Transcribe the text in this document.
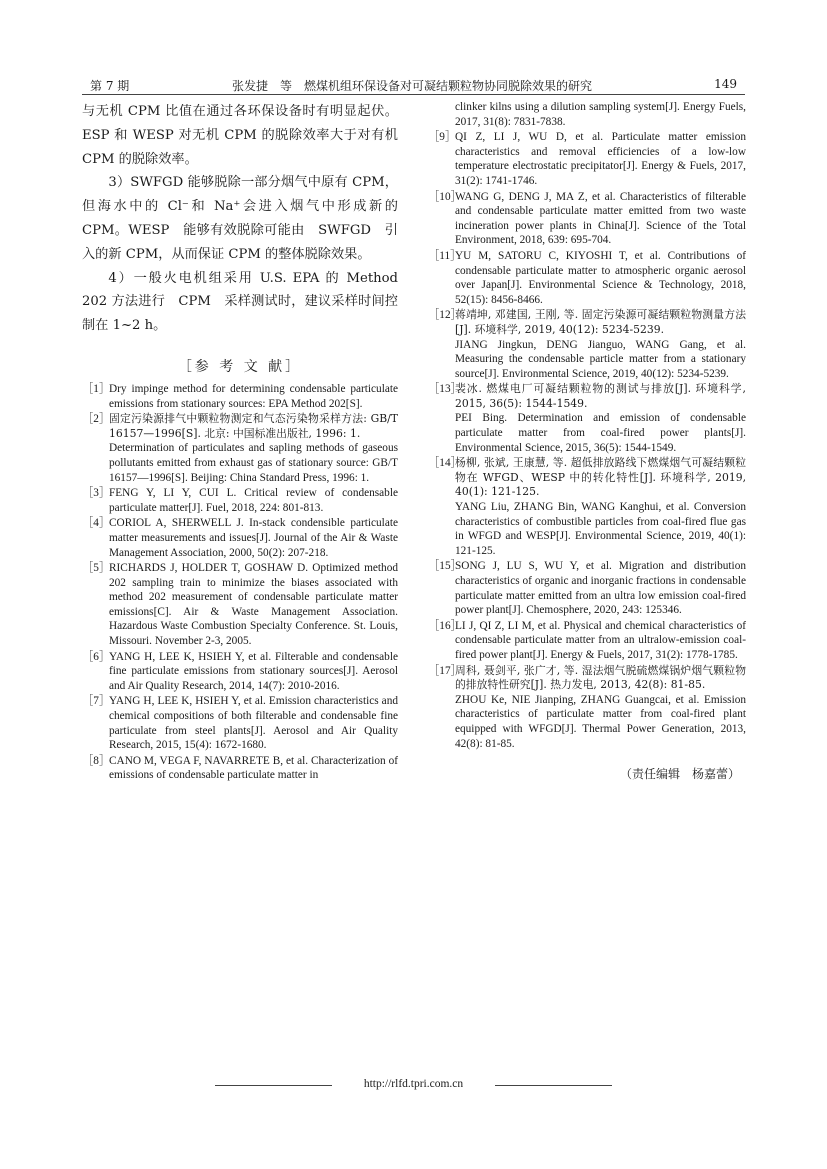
第 7 期	张发捷　等　燃煤机组环保设备对可凝结颗粒物协同脱除效果的研究	149

与无机 CPM 比值在通过各环保设备时有明显起伏。ESP 和 WESP 对无机 CPM 的脱除效率大于对有机 CPM 的脱除效率。

3）SWFGD 能够脱除一部分烟气中原有 CPM，但海水中的 Cl⁻和 Na⁺会进入烟气中形成新的 CPM。WESP　能够有效脱除可能由　SWFGD　引入的新 CPM，从而保证 CPM 的整体脱除效果。

4）一般火电机组采用 U.S. EPA 的 Method 202 方法进行　CPM　采样测试时，建议采样时间控制在 1~2 h。

［参 考 文 献］
［1］
Dry impinge method for determining condensable particulate emissions from stationary sources: EPA Method 202[S].
［2］
固定污染源排气中颗粒物测定和气态污染物采样方法: GB/T 16157—1996[S]. 北京: 中国标准出版社, 1996: 1.
Determination of particulates and sapling methods of gaseous pollutants emitted from exhaust gas of stationary source: GB/T 16157—1996[S]. Beijing: China Standard Press, 1996: 1.
［3］
FENG Y, LI Y, CUI L. Critical review of condensable particulate matter[J]. Fuel, 2018, 224: 801-813.
［4］
CORIOL A, SHERWELL J. In-stack condensible particulate matter measurements and issues[J]. Journal of the Air & Waste Management Association, 2000, 50(2): 207-218.
［5］
RICHARDS J, HOLDER T, GOSHAW D. Optimized method 202 sampling train to minimize the biases associated with method 202 measurement of condensable particulate matter emissions[C]. Air & Waste Management Association. Hazardous Waste Combustion Specialty Conference. St. Louis, Missouri. November 2-3, 2005.
［6］
YANG H, LEE K, HSIEH Y, et al. Filterable and condensable fine particulate emissions from stationary sources[J]. Aerosol and Air Quality Research, 2014, 14(7): 2010-2016.
［7］
YANG H, LEE K, HSIEH Y, et al. Emission characteristics and chemical compositions of both filterable and condensable fine particulate from steel plants[J]. Aerosol and Air Quality Research, 2015, 15(4): 1672-1680.
［8］
CANO M, VEGA F, NAVARRETE B, et al. Characterization of emissions of condensable particulate matter in
clinker kilns using a dilution sampling system[J]. Energy Fuels, 2017, 31(8): 7831-7838.
［9］
QI Z, LI J, WU D, et al. Particulate matter emission characteristics and removal efficiencies of a low-low temperature electrostatic precipitator[J]. Energy & Fuels, 2017, 31(2): 1741-1746.
［10］
WANG G, DENG J, MA Z, et al. Characteristics of filterable and condensable particulate matter emitted from two waste incineration power plants in China[J]. Science of the Total Environment, 2018, 639: 695-704.
［11］
YU M, SATORU C, KIYOSHI T, et al. Contributions of condensable particulate matter to atmospheric organic aerosol over Japan[J]. Environmental Science & Technology, 2018, 52(15): 8456-8466.
［12］
蒋靖坤, 邓建国, 王刚, 等. 固定污染源可凝结颗粒物测量方法[J]. 环境科学, 2019, 40(12): 5234-5239.
JIANG Jingkun, DENG Jianguo, WANG Gang, et al. Measuring the condensable particle matter from a stationary source[J]. Environmental Science, 2019, 40(12): 5234-5239.
［13］
裴冰. 燃煤电厂可凝结颗粒物的测试与排放[J]. 环境科学, 2015, 36(5): 1544-1549.
PEI Bing. Determination and emission of condensable particulate matter from coal-fired power plants[J]. Environmental Science, 2015, 36(5): 1544-1549.
［14］
杨柳, 张斌, 王康慧, 等. 超低排放路线下燃煤烟气可凝结颗粒物在 WFGD、WESP 中的转化特性[J]. 环境科学, 2019, 40(1): 121-125.
YANG Liu, ZHANG Bin, WANG Kanghui, et al. Conversion characteristics of combustible particles from coal-fired flue gas in WFGD and WESP[J]. Environmental Science, 2019, 40(1): 121-125.
［15］
SONG J, LU S, WU Y, et al. Migration and distribution characteristics of organic and inorganic fractions in condensable particulate matter emitted from an ultra low emission coal-fired power plant[J]. Chemosphere, 2020, 243: 125346.
［16］
LI J, QI Z, LI M, et al. Physical and chemical characteristics of condensable particulate matter from an ultralow-emission coal-fired power plant[J]. Energy & Fuels, 2017, 31(2): 1778-1785.
［17］
周科, 聂剑平, 张广才, 等. 湿法烟气脱硫燃煤锅炉烟气颗粒物的排放特性研究[J]. 热力发电, 2013, 42(8): 81-85.
ZHOU Ke, NIE Jianping, ZHANG Guangcai, et al. Emission characteristics of particulate matter from coal-fired plant equipped with WFGD[J]. Thermal Power Generation, 2013, 42(8): 81-85.
（责任编辑　杨嘉蕾）
http://rlfd.tpri.com.cn
